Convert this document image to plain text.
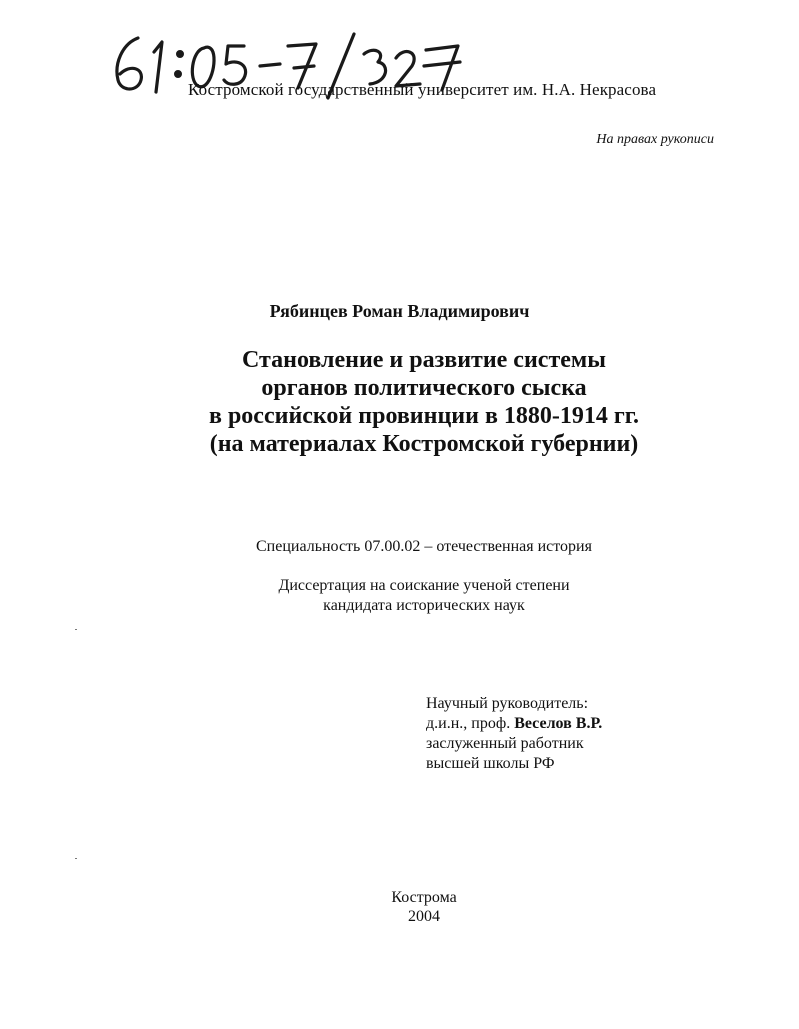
Костромской государственный университет им. Н.А. Некрасова
На правах рукописи
Рябинцев Роман Владимирович
Становление и развитие системы
органов политического сыска
в российской провинции в 1880-1914 гг.
(на материалах Костромской губернии)
Специальность 07.00.02 – отечественная история
Диссертация на соискание ученой степени
кандидата исторических наук
Научный руководитель:
д.и.н., проф. Веселов В.Р.
заслуженный работник
высшей школы РФ
Кострома
2004
